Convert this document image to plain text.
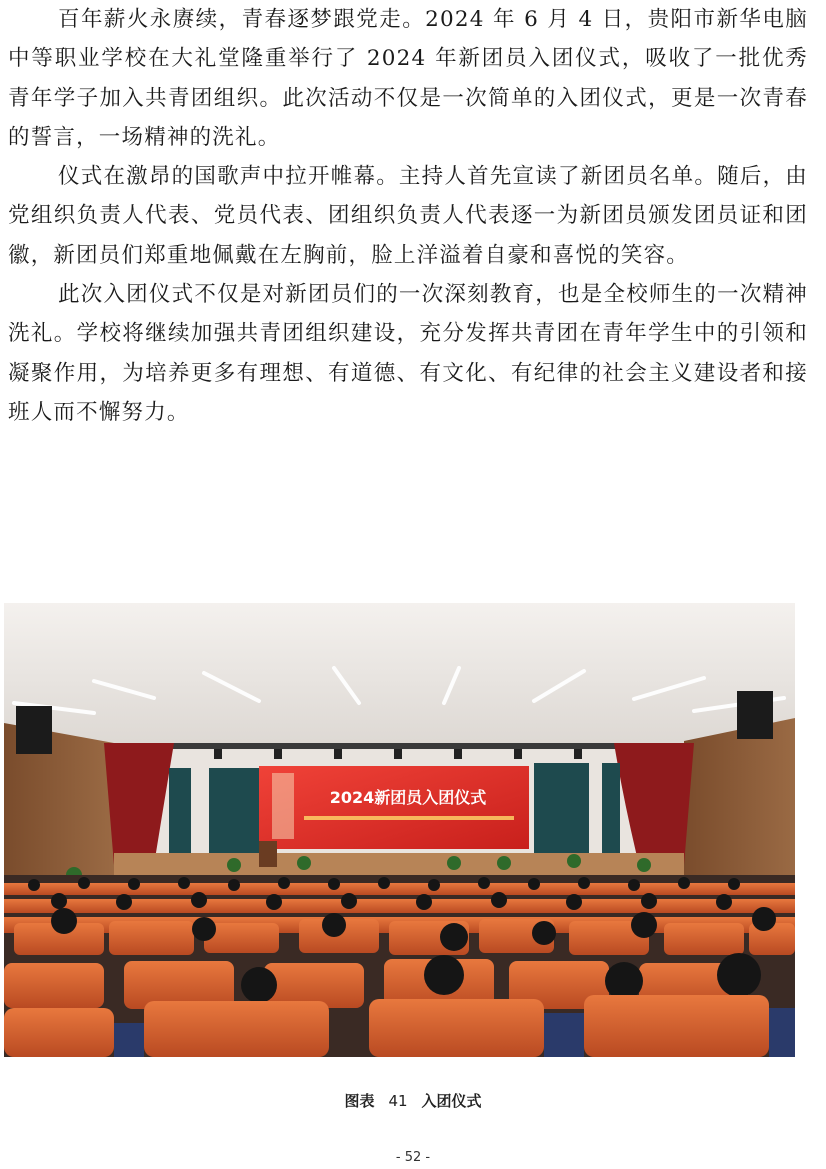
百年薪火永赓续，青春逐梦跟党走。2024 年 6 月 4 日，贵阳市新华电脑中等职业学校在大礼堂隆重举行了 2024 年新团员入团仪式，吸收了一批优秀青年学子加入共青团组织。此次活动不仅是一次简单的入团仪式，更是一次青春的誓言，一场精神的洗礼。

仪式在激昂的国歌声中拉开帷幕。主持人首先宣读了新团员名单。随后，由党组织负责人代表、党员代表、团组织负责人代表逐一为新团员颁发团员证和团徽，新团员们郑重地佩戴在左胸前，脸上洋溢着自豪和喜悦的笑容。

此次入团仪式不仅是对新团员们的一次深刻教育，也是全校师生的一次精神洗礼。学校将继续加强共青团组织建设，充分发挥共青团在青年学生中的引领和凝聚作用，为培养更多有理想、有道德、有文化、有纪律的社会主义建设者和接班人而不懈努力。

2024新团员入团仪式
图表 41 入团仪式
- 52 -
